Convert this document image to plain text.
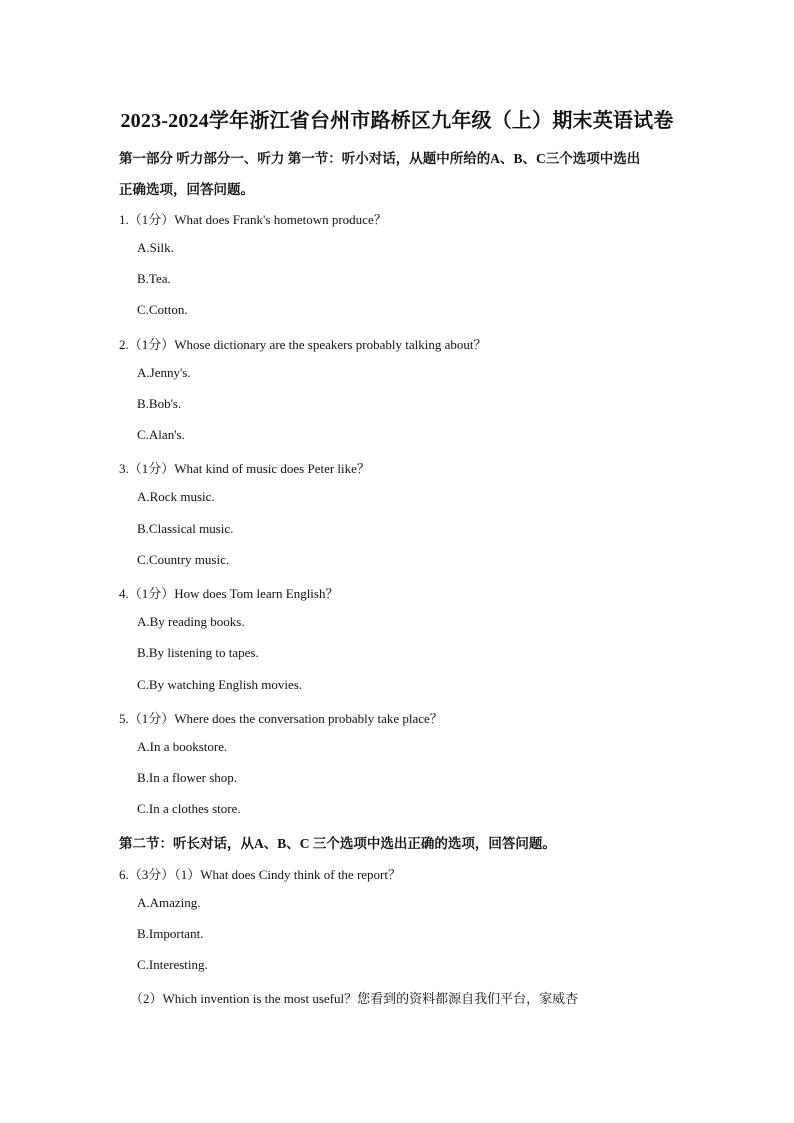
2023-2024学年浙江省台州市路桥区九年级（上）期末英语试卷
第一部分 听力部分一、听力 第一节：听小对话，从题中所给的A、B、C三个选项中选出
正确选项，回答问题。
1.（1分）What does Frank's hometown produce？
A.Silk.
B.Tea.
C.Cotton.
2.（1分）Whose dictionary are the speakers probably talking about？
A.Jenny's.
B.Bob's.
C.Alan's.
3.（1分）What kind of music does Peter like？
A.Rock music.
B.Classical music.
C.Country music.
4.（1分）How does Tom learn English？
A.By reading books.
B.By listening to tapes.
C.By watching English movies.
5.（1分）Where does the conversation probably take place？
A.In a bookstore.
B.In a flower shop.
C.In a clothes store.
第二节：听长对话，从A、B、C 三个选项中选出正确的选项，回答问题。
6.（3分）（1）What does Cindy think of the report？
A.Amazing.
B.Important.
C.Interesting.
（2）Which invention is the most useful？您看到的资料都源自我们平台，家威杏
